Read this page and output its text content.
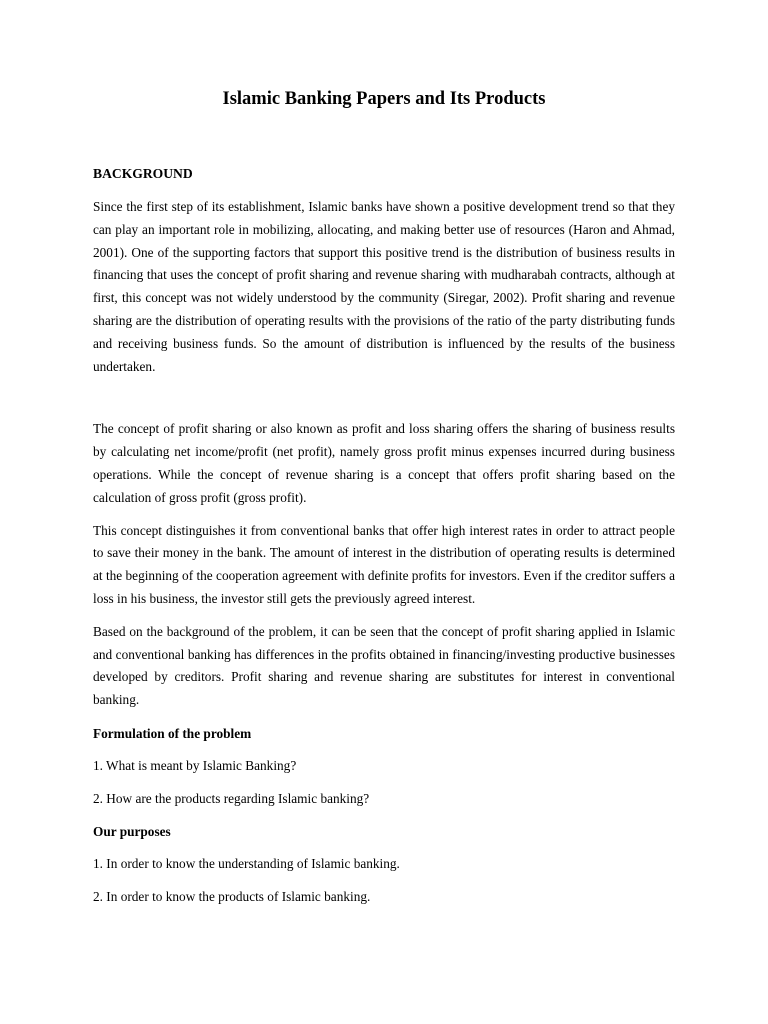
Islamic Banking Papers and Its Products
BACKGROUND

Since the first step of its establishment, Islamic banks have shown a positive development trend so that they can play an important role in mobilizing, allocating, and making better use of resources (Haron and Ahmad, 2001). One of the supporting factors that support this positive trend is the distribution of business results in financing that uses the concept of profit sharing and revenue sharing with mudharabah contracts, although at first, this concept was not widely understood by the community (Siregar, 2002). Profit sharing and revenue sharing are the distribution of operating results with the provisions of the ratio of the party distributing funds and receiving business funds. So the amount of distribution is influenced by the results of the business undertaken.

The concept of profit sharing or also known as profit and loss sharing offers the sharing of business results by calculating net income/profit (net profit), namely gross profit minus expenses incurred during business operations. While the concept of revenue sharing is a concept that offers profit sharing based on the calculation of gross profit (gross profit).

This concept distinguishes it from conventional banks that offer high interest rates in order to attract people to save their money in the bank. The amount of interest in the distribution of operating results is determined at the beginning of the cooperation agreement with definite profits for investors. Even if the creditor suffers a loss in his business, the investor still gets the previously agreed interest.

Based on the background of the problem, it can be seen that the concept of profit sharing applied in Islamic and conventional banking has differences in the profits obtained in financing/investing productive businesses developed by creditors. Profit sharing and revenue sharing are substitutes for interest in conventional banking.

Formulation of the problem
1. What is meant by Islamic Banking?
2. How are the products regarding Islamic banking?
Our purposes
1. In order to know the understanding of Islamic banking.
2. In order to know the products of Islamic banking.
